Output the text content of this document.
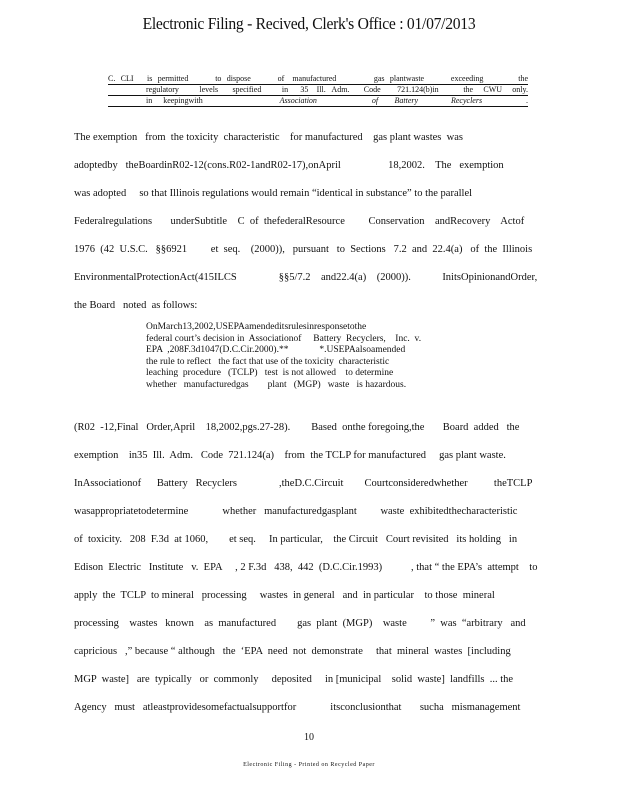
Electronic Filing - Recived, Clerk's Office : 01/07/2013
C.  CLI     is  permitted          to  dispose          of   manufactured              gas  plantwaste          exceeding             the
regulatory          levels       specified          in      35    Ill.   Adm.       Code        721.124(b)in            the     CWU     only.
in  keepingwith              Association          of   Battery      Recyclers        .

The exemption   from  the toxicity  characteristic    for manufactured    gas plant wastes  was

adoptedby   theBoardinR02-12(cons.R02-1andR02-17),onApril                  18,2002.    The   exemption

was adopted     so that Illinois regulations would remain “identical in substance” to the parallel

Federalregulations       underSubtitle    C  of  thefederalResource         Conservation    andRecovery    Actof

1976  (42  U.S.C.   §§6921         et  seq.    (2000)),   pursuant   to  Sections   7.2  and  22.4(a)   of  the  Illinois

EnvironmentalProtectionAct(415ILCS                §§5/7.2    and22.4(a)    (2000)).            InitsOpinionandOrder,

the Board   noted  as follows:

OnMarch13,2002,USEPAamendeditsrulesinresponsetothe

federal court’s decision in  Associationof     Battery  Recyclers,    Inc.  v.

EPA  ,208F.3d1047(D.C.Cir.2000).**             *.USEPAalsoamended

the rule to reflect   the fact that use of the toxicity  characteristic

leaching  procedure   (TCLP)   test  is not allowed    to determine

whether   manufacturedgas        plant   (MGP)   waste   is hazardous.

(R02  -12,Final   Order,April    18,2002,pgs.27-28).        Based  onthe foregoing,the       Board  added   the

exemption    in35  Ill.  Adm.   Code  721.124(a)    from  the TCLP for manufactured     gas plant waste.

InAssociationof      Battery   Recyclers                ,theD.C.Circuit        Courtconsideredwhether          theTCLP

wasappropriatetodetermine             whether   manufacturedgasplant         waste  exhibitedthecharacteristic

of  toxicity.   208  F.3d  at 1060,        et seq.     In particular,    the Circuit   Court revisited   its holding   in

Edison  Electric   Institute   v.  EPA     , 2 F.3d   438,  442  (D.C.Cir.1993)           , that “ the EPA’s  attempt    to

apply  the  TCLP  to mineral   processing     wastes  in general   and  in particular    to those  mineral

processing    wastes   known    as  manufactured        gas  plant  (MGP)    waste         ”  was  “arbitrary   and

capricious   ,” because “ although   the  ‘EPA  need  not  demonstrate     that  mineral  wastes  [including

MGP  waste]   are  typically   or  commonly     deposited     in [municipal    solid  waste]  landfills  ... the

Agency   must   atleastprovidesomefactualsupportfor             itsconclusionthat       sucha   mismanagement

10
Electronic Filing - Printed on Recycled Paper
